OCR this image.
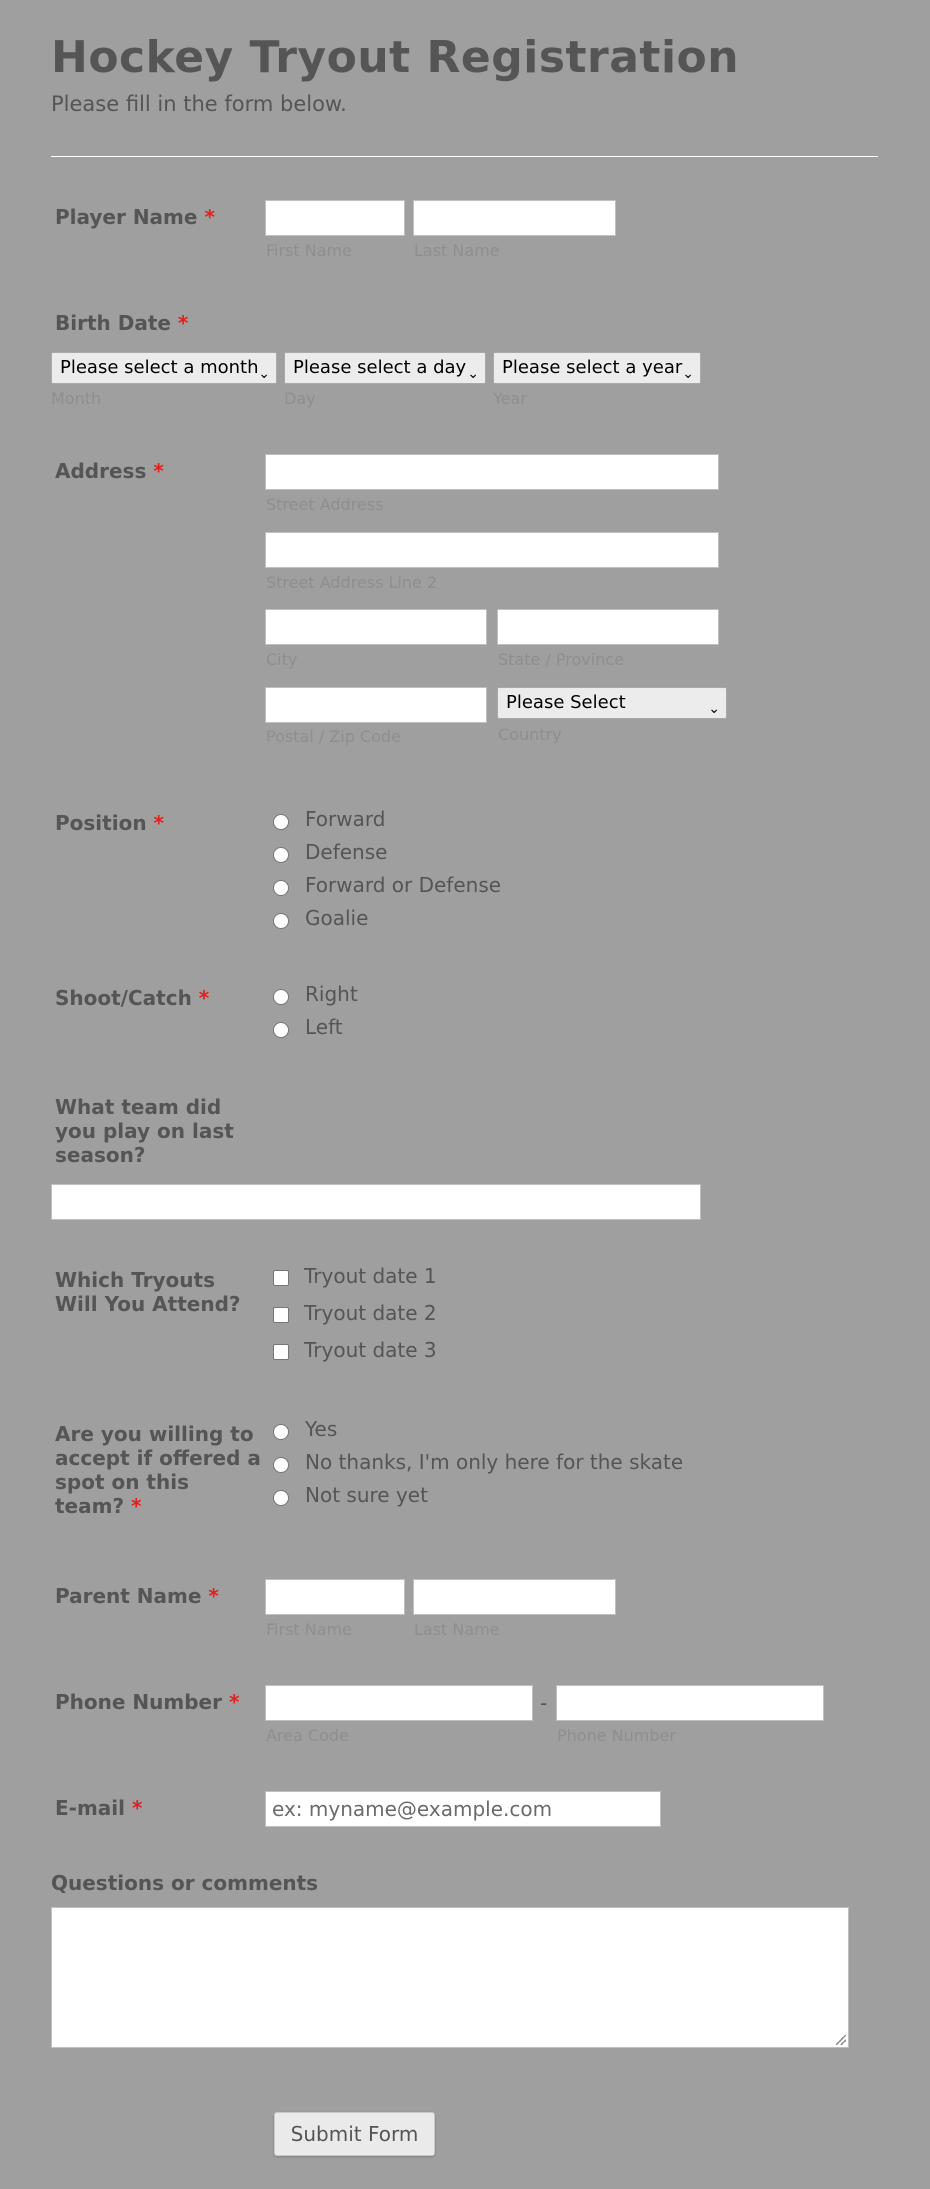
Hockey Tryout Registration
Please fill in the form below.
Player Name *
First Name	Last Name
Birth Date *
Please select a month ⌄	Please select a day ⌄	Please select a year ⌄
Month	Day	Year
Address *
Street Address
Street Address Line 2
City	State / Province
Please Select	⌄
Postal / Zip Code	Country
Position *	Forward
Defense
Forward or Defense
Goalie
Shoot/Catch *	Right
Left
What team did
you play on last
season?
Which Tryouts
Will You Attend?
Tryout date 1
Tryout date 2
Tryout date 3
Are you willing to
accept if offered a
spot on this
team? *
Yes
No thanks, I'm only here for the skate
Not sure yet
Parent Name *
First Name	Last Name
Phone Number *	-
Area Code	Phone Number
E-mail *	ex: myname@example.com
Questions or comments
Submit Form
